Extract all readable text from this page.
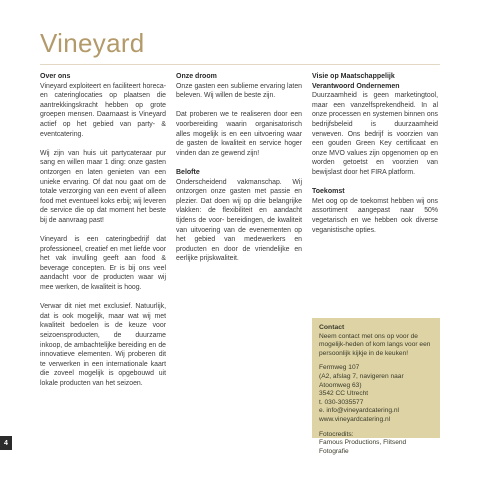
Vineyard
Over ons

Vineyard exploiteert en faciliteert horeca- en cateringlocaties op plaatsen die aantrekkingskracht hebben op grote groepen mensen. Daarnaast is Vineyard actief op het gebied van party- & eventcatering.

Wij zijn van huis uit partycateraar pur sang en willen maar 1 ding: onze gasten ontzorgen en laten genieten van een unieke ervaring. Of dat nou gaat om de totale verzorging van een event of alleen food met eventueel koks erbij; wij leveren de service die op dat moment het beste bij de aanvraag past!

Vineyard is een cateringbedrijf dat professioneel, creatief en met liefde voor het vak invulling geeft aan food & beverage concepten. Er is bij ons veel aandacht voor de producten waar wij mee werken, de kwaliteit is hoog.

Verwar dit niet met exclusief. Natuurlijk, dat is ook mogelijk, maar wat wij met kwaliteit bedoelen is de keuze voor seizoensproducten, de duurzame inkoop, de ambachtelijke bereiding en de innovatieve elementen. Wij proberen dit te verwerken in een internationale kaart die zoveel mogelijk is opgebouwd uit lokale producten van het seizoen.

Onze droom

Onze gasten een sublieme ervaring laten beleven. Wij willen de beste zijn.

Dat proberen we te realiseren door een voorbereiding waarin organisatorisch alles mogelijk is en een uitvoering waar de gasten de kwaliteit en service hoger vinden dan ze gewend zijn!

Belofte

Onderscheidend vakmanschap. Wij ontzorgen onze gasten met passie en plezier. Dat doen wij op drie belangrijke vlakken: de flexibiliteit en aandacht tijdens de voor- bereidingen, de kwaliteit van uitvoering van de evenementen op het gebied van medewerkers en producten en door de vriendelijke en eerlijke prijskwaliteit.

Visie op Maatschappelijk Verantwoord Ondernemen

Duurzaamheid is geen marketingtool, maar een vanzelfsprekendheid. In al onze processen en systemen binnen ons bedrijfsbeleid is duurzaamheid verweven. Ons bedrijf is voorzien van een gouden Green Key certificaat en onze MVO values zijn opgenomen op en worden getoetst en voorzien van bewijslast door het FIRA platform.

Toekomst

Met oog op de toekomst hebben wij ons assortiment aangepast naar 50% vegetarisch en we hebben ook diverse veganistische opties.

Contact

Neem contact met ons op voor de mogelijk-heden of kom langs voor een persoonlijk kijkje in de keuken!

Fermweg 107
(A2, afslag 7, navigeren naar Atoomweg 63)
3542 CC Utrecht
t. 030-3035577
e. info@vineyardcatering.nl
www.vineyardcatering.nl

Fotocredits:
Famous Productions, Flitsend Fotografie

4
